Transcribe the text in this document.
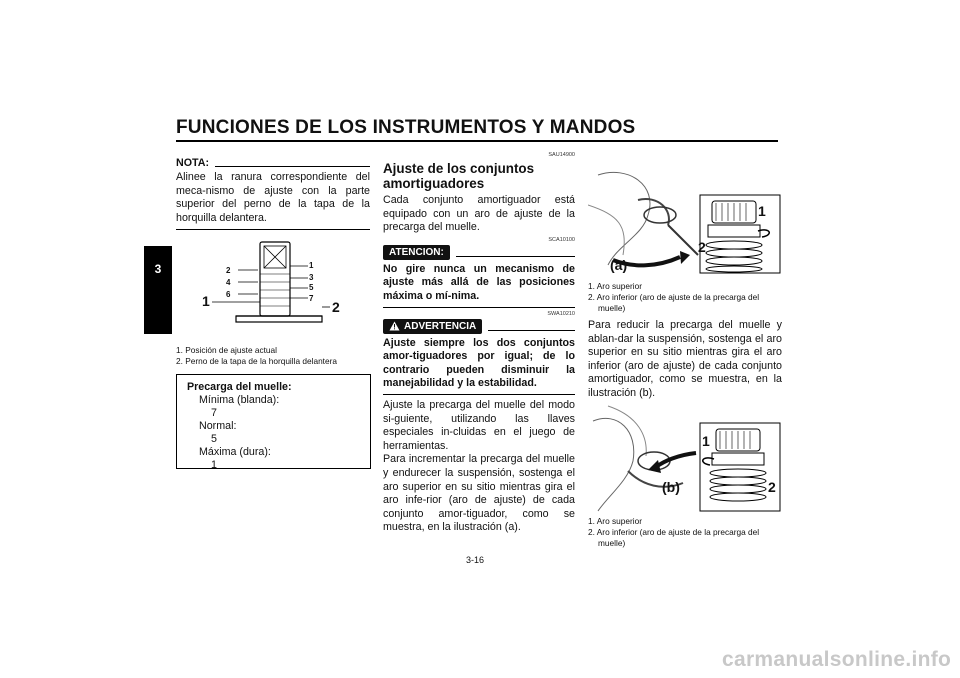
FUNCIONES DE LOS INSTRUMENTOS Y MANDOS
3
NOTA:
Alinee la ranura correspondiente del meca-nismo de ajuste con la parte superior del perno de la tapa de la horquilla delantera.
2
4
6
1
3
5
7
1	2
1. Posición de ajuste actual
2. Perno de la tapa de la horquilla delantera
Precarga del muelle:
Mínima (blanda):
7
Normal:
5
Máxima (dura):
1
SAU14900
Ajuste de los conjuntos amortiguadores
Cada conjunto amortiguador está equipado con un aro de ajuste de la precarga del muelle.
SCA10100
ATENCION:
No gire nunca un mecanismo de ajuste más allá de las posiciones máxima o mí-nima.
SWA10210
ADVERTENCIA
Ajuste siempre los dos conjuntos amor-tiguadores por igual; de lo contrario pueden disminuir la manejabilidad y la estabilidad.
Ajuste la precarga del muelle del modo si-guiente, utilizando las llaves especiales in-cluidas en el juego de herramientas.
Para incrementar la precarga del muelle y endurecer la suspensión, sostenga el aro superior en su sitio mientras gira el aro infe-rior (aro de ajuste) de cada conjunto amor-tiguador, como se muestra, en la ilustración (a).
(a)
1
2
1. Aro superior
2. Aro inferior (aro de ajuste de la precarga del muelle)
Para reducir la precarga del muelle y ablan-dar la suspensión, sostenga el aro superior en su sitio mientras gira el aro inferior (aro de ajuste) de cada conjunto amortiguador, como se muestra, en la ilustración (b).
(b)
1
2
1. Aro superior
2. Aro inferior (aro de ajuste de la precarga del muelle)
3-16
carmanualsonline.info
